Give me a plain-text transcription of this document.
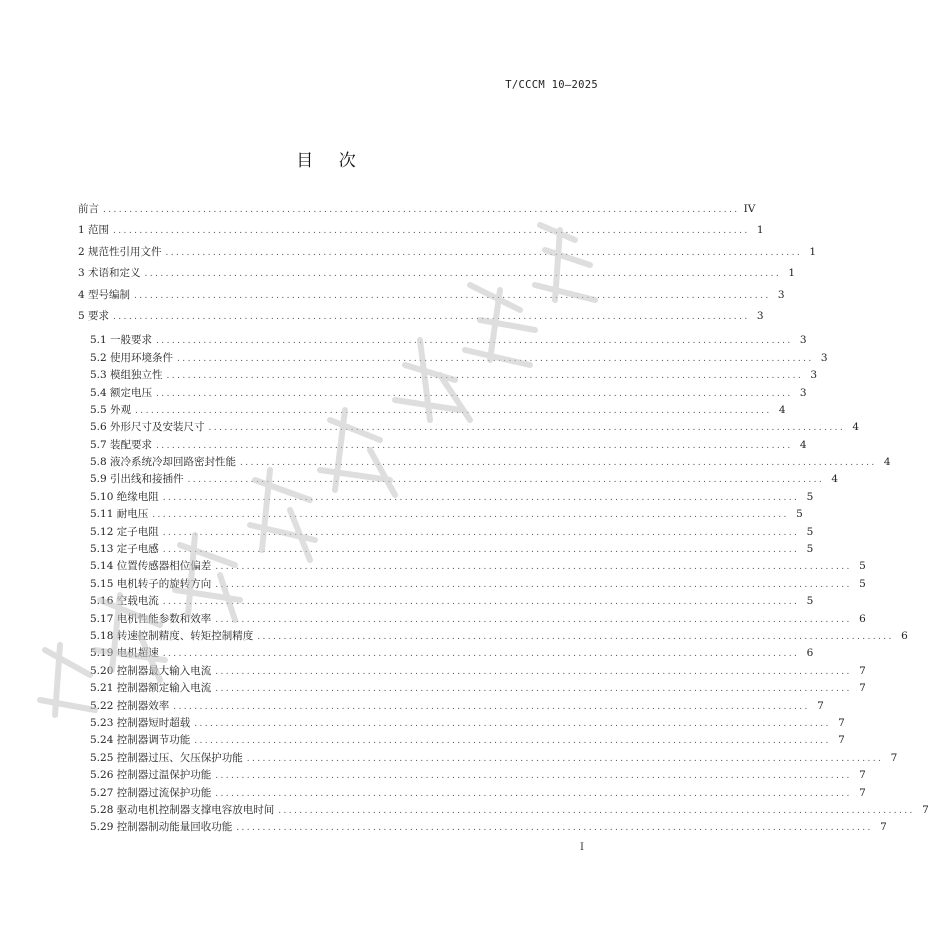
T/CCCM 10—2025
目 次
前言 ......................................................................................................................... IV
1 范围 ......................................................................................................................... 1
2 规范性引用文件 ......................................................................................................................... 1
3 术语和定义 ......................................................................................................................... 1
4 型号编制 ......................................................................................................................... 3
5 要求 ......................................................................................................................... 3
5.1 一般要求 ......................................................................................................................... 3
5.2 使用环境条件 ......................................................................................................................... 3
5.3 模组独立性 ......................................................................................................................... 3
5.4 额定电压 ......................................................................................................................... 3
5.5 外观 ......................................................................................................................... 4
5.6 外形尺寸及安装尺寸 ......................................................................................................................... 4
5.7 装配要求 ......................................................................................................................... 4
5.8 液冷系统冷却回路密封性能 ......................................................................................................................... 4
5.9 引出线和接插件 ......................................................................................................................... 4
5.10 绝缘电阻 ......................................................................................................................... 5
5.11 耐电压 ......................................................................................................................... 5
5.12 定子电阻 ......................................................................................................................... 5
5.13 定子电感 ......................................................................................................................... 5
5.14 位置传感器相位偏差 ......................................................................................................................... 5
5.15 电机转子的旋转方向 ......................................................................................................................... 5
5.16 空载电流 ......................................................................................................................... 5
5.17 电机性能参数和效率 ......................................................................................................................... 6
5.18 转速控制精度、转矩控制精度 ......................................................................................................................... 6
5.19 电机超速 ......................................................................................................................... 6
5.20 控制器最大输入电流 ......................................................................................................................... 7
5.21 控制器额定输入电流 ......................................................................................................................... 7
5.22 控制器效率 ......................................................................................................................... 7
5.23 控制器短时超载 ......................................................................................................................... 7
5.24 控制器调节功能 ......................................................................................................................... 7
5.25 控制器过压、欠压保护功能 ......................................................................................................................... 7
5.26 控制器过温保护功能 ......................................................................................................................... 7
5.27 控制器过流保护功能 ......................................................................................................................... 7
5.28 驱动电机控制器支撑电容放电时间 ......................................................................................................................... 7
5.29 控制器制动能量回收功能 ......................................................................................................................... 7
I
